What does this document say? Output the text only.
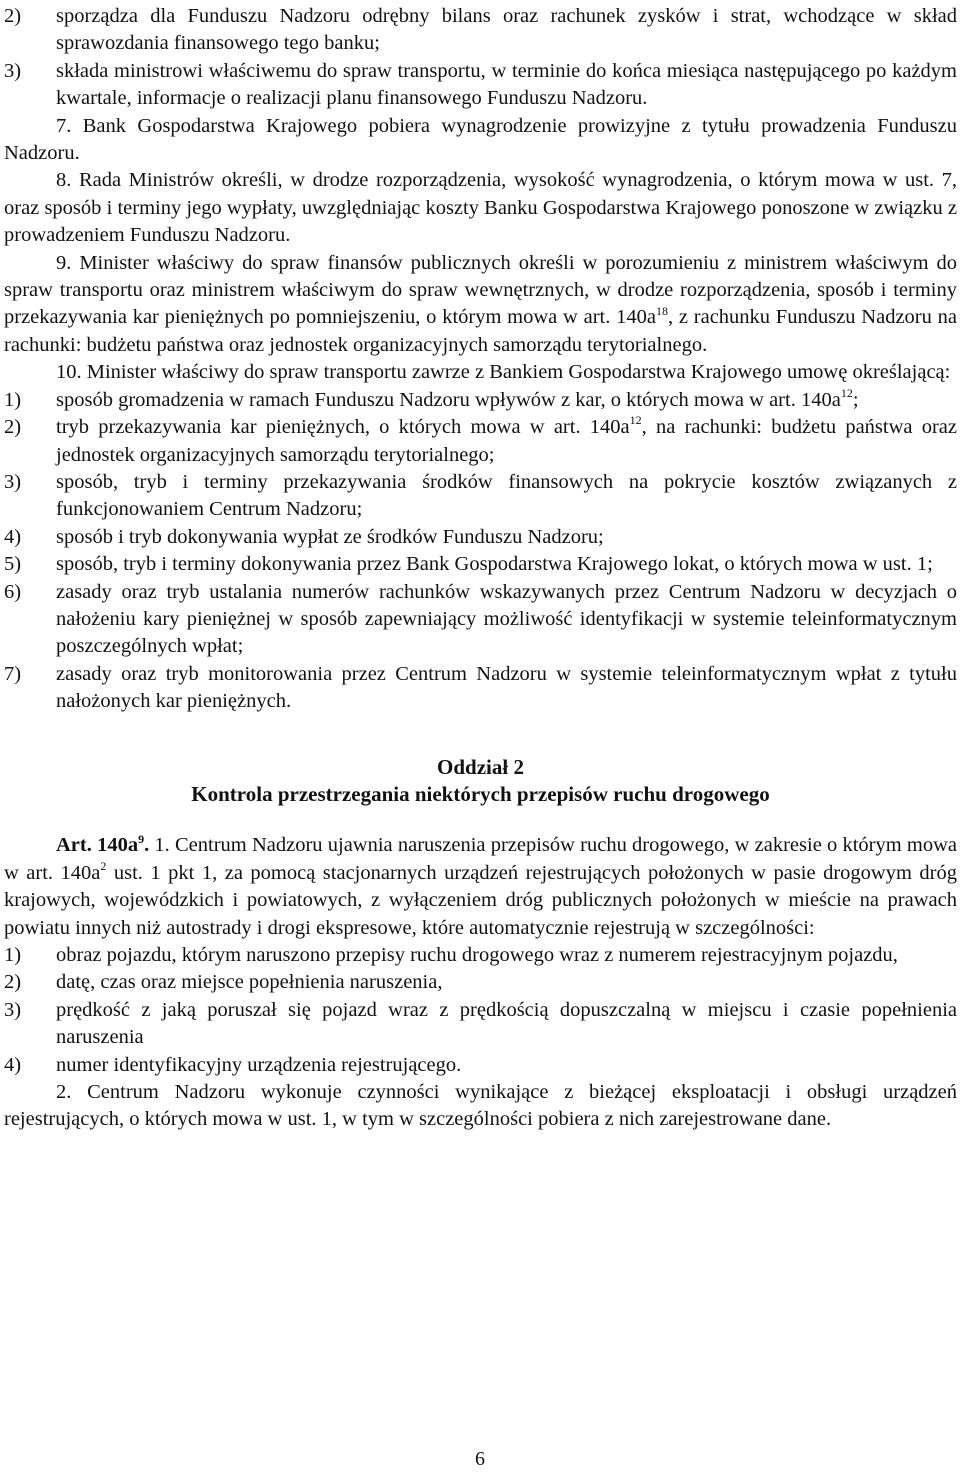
2) sporządza dla Funduszu Nadzoru odrębny bilans oraz rachunek zysków i strat, wchodzące w skład sprawozdania finansowego tego banku;

3) składa ministrowi właściwemu do spraw transportu, w terminie do końca miesiąca następującego po każdym kwartale, informacje o realizacji planu finansowego Funduszu Nadzoru.

7. Bank Gospodarstwa Krajowego pobiera wynagrodzenie prowizyjne z tytułu prowadzenia Funduszu Nadzoru.

8. Rada Ministrów określi, w drodze rozporządzenia, wysokość wynagrodzenia, o którym mowa w ust. 7, oraz sposób i terminy jego wypłaty, uwzględniając koszty Banku Gospodarstwa Krajowego ponoszone w związku z prowadzeniem Funduszu Nadzoru.

9. Minister właściwy do spraw finansów publicznych określi w porozumieniu z ministrem właściwym do spraw transportu oraz ministrem właściwym do spraw wewnętrznych, w drodze rozporządzenia, sposób i terminy przekazywania kar pieniężnych po pomniejszeniu, o którym mowa w art. $140a^{18}$, z rachunku Funduszu Nadzoru na rachunki: budżetu państwa oraz jednostek organizacyjnych samorządu terytorialnego.

10. Minister właściwy do spraw transportu zawrze z Bankiem Gospodarstwa Krajowego umowę określającą:

1) sposób gromadzenia w ramach Funduszu Nadzoru wpływów z kar, o których mowa w art. $140a^{12}$;

2) tryb przekazywania kar pieniężnych, o których mowa w art. $140a^{12}$, na rachunki: budżetu państwa oraz jednostek organizacyjnych samorządu terytorialnego;

3) sposób, tryb i terminy przekazywania środków finansowych na pokrycie kosztów związanych z funkcjonowaniem Centrum Nadzoru;

4) sposób i tryb dokonywania wypłat ze środków Funduszu Nadzoru;

5) sposób, tryb i terminy dokonywania przez Bank Gospodarstwa Krajowego lokat, o których mowa w ust. 1;

6) zasady oraz tryb ustalania numerów rachunków wskazywanych przez Centrum Nadzoru w decyzjach o nałożeniu kary pieniężnej w sposób zapewniający możliwość identyfikacji w systemie teleinformatycznym poszczególnych wpłat;

7) zasady oraz tryb monitorowania przez Centrum Nadzoru w systemie teleinformatycznym wpłat z tytułu nałożonych kar pieniężnych.

Oddział 2

Kontrola przestrzegania niektórych przepisów ruchu drogowego

Art. $140a^9$. 1. Centrum Nadzoru ujawnia naruszenia przepisów ruchu drogowego, w zakresie o którym mowa w art. $140a^2$ ust. 1 pkt 1, za pomocą stacjonarnych urządzeń rejestrujących położonych w pasie drogowym dróg krajowych, wojewódzkich i powiatowych, z wyłączeniem dróg publicznych położonych w mieście na prawach powiatu innych niż autostrady i drogi ekspresowe, które automatycznie rejestrują w szczególności:

1) obraz pojazdu, którym naruszono przepisy ruchu drogowego wraz z numerem rejestracyjnym pojazdu,

2) datę, czas oraz miejsce popełnienia naruszenia,

3) prędkość z jaką poruszał się pojazd wraz z prędkością dopuszczalną w miejscu i czasie popełnienia naruszenia

4) numer identyfikacyjny urządzenia rejestrującego.

2. Centrum Nadzoru wykonuje czynności wynikające z bieżącej eksploatacji i obsługi urządzeń rejestrujących, o których mowa w ust. 1, w tym w szczególności pobiera z nich zarejestrowane dane.

6
